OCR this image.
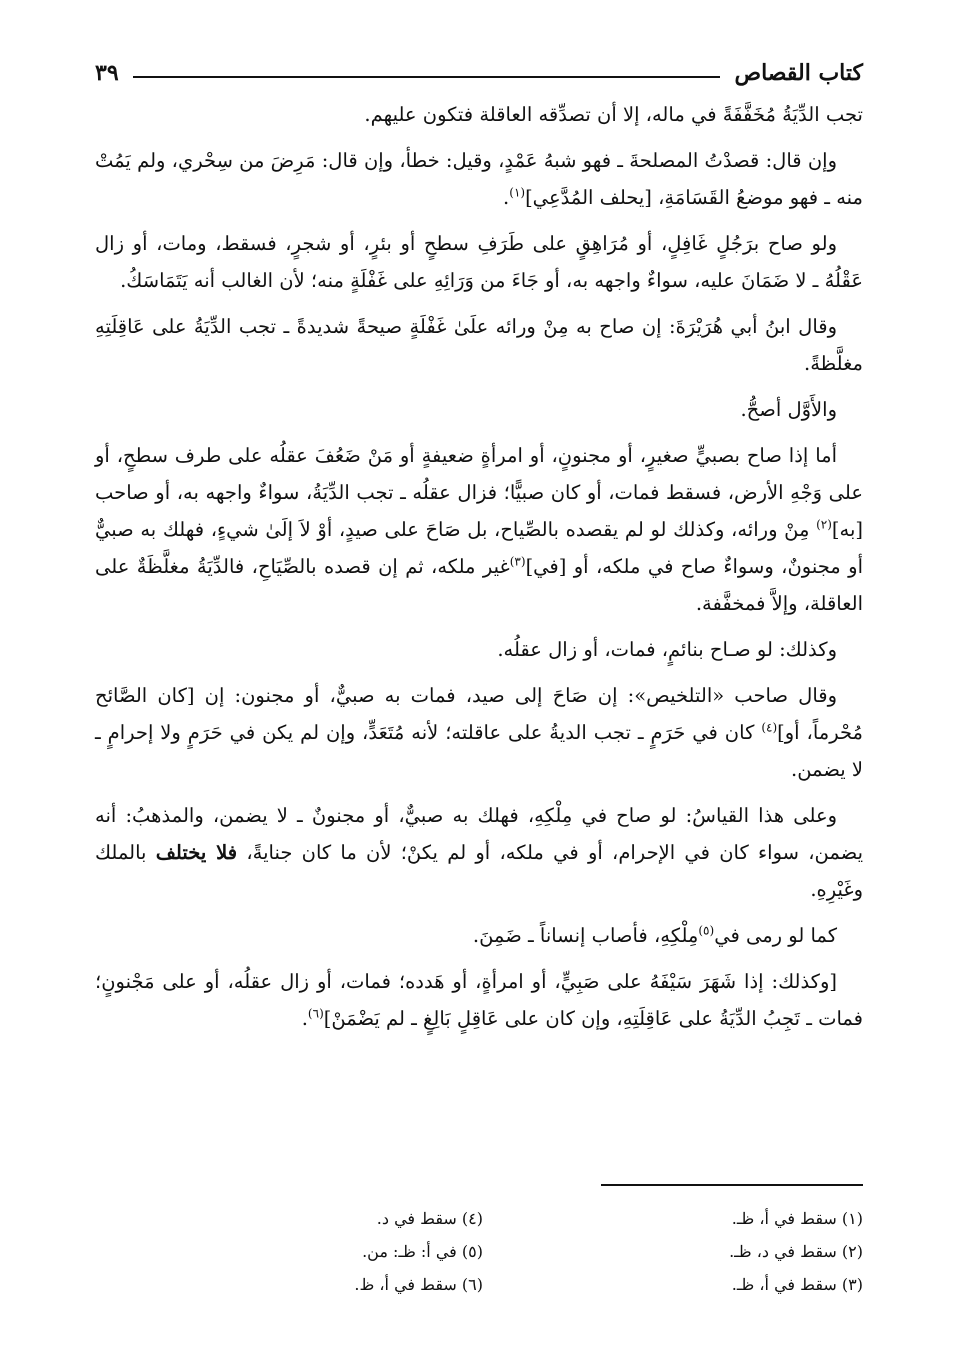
كتاب القصاص
٣٩

تجب الدِّيَةُ مُخَفَّفَةً في ماله، إلا أن تصدِّقه العاقلة فتكون عليهم.

وإن قال: قصدْتُ المصلحةَ ـ فهو شبهُ عَمْدٍ، وقيل: خطأ، وإن قال: مَرِضَ من سِحْري، ولم يَمُتْ منه ـ فهو موضعُ القَسَامَةِ، [يحلف المُدَّعِي]$^{(١)}$.

ولو صاح برَجُلٍ غَافِلٍ، أو مُرَاهِقٍ على طَرَفِ سطحٍ أو بئرٍ، أو شجرٍ، فسقط، ومات، أو زال عَقْلُهُ ـ لا ضَمَانَ عليه، سواءٌ واجهه به، أو جَاءَ من وَرَائِهِ على غَفْلَةٍ منه؛ لأن الغالب أنه يَتَمَاسَكُ.

وقال ابنُ أبي هُرَيْرَةَ: إن صاح به مِنْ ورائه علَىٰ غَفْلَةٍ صيحةً شديدةً ـ تجب الدِّيَةُ على عَاقِلَتِهِ مغلَّظةً.

والأَوَّل أصحُّ.

أما إذا صاح بصبيٍّ صغيرٍ، أو مجنونٍ، أو امرأةٍ ضعيفةٍ أو مَنْ ضَعُفَ عقلُه على طرف سطحٍ، أو على وَجْهِ الأرض، فسقط فمات، أو كان صبيًّا؛ فزال عقلُه ـ تجب الدِّيَةُ، سواءٌ واجهه به، أو صاحب [به]$^{(٢)}$ مِنْ ورائه، وكذلك لو لم يقصده بالصِّياح، بل صَاحَ على صيدٍ، أوْ لاَ إلَىٰ شيءٍ، فهلك به صبيٌّ أو مجنونٌ، وسواءٌ صاح في ملكه، أو [في]$^{(٣)}$غير ملكه، ثم إن قصده بالصِّيَاحِ، فالدِّيَةُ مغلَّظَةٌ على العاقلة، وإلاَّ فمخفَّفة.

وكذلك: لو صـاح بنائمٍ، فمات، أو زال عقلُه.

وقال صاحب «التلخيص»: إن صَاحَ إلى صيد، فمات به صبيٌّ، أو مجنون: إن [كان الصَّائح مُحْرماً، أو]$^{(٤)}$ كان في حَرَمٍ ـ تجب الديةُ على عاقلته؛ لأنه مُتَعَدٍّ، وإن لم يكن في حَرَمٍ ولا إحرامٍ ـ لا يضمن.

وعلى هذا القياسُ: لو صاح في مِلْكِهِ، فهلك به صبيٌّ، أو مجنونٌ ـ لا يضمن، والمذهبُ: أنه يضمن، سواء كان في الإحرام، أو في ملكه، أو لم يكنْ؛ لأن ما كان جنايةً، فلا يختلف بالملك وغَيْرِهِ.

كما لو رمى في$^{(٥)}$مِلْكِهِ، فأصاب إنساناً ـ ضَمِنَ.

[وكذلك: إذا شَهَرَ سَيْفَهُ على صَبِيٍّ، أو امرأةٍ، أو هَدده؛ فمات، أو زال عقلُه، أو على مَجْنونٍ؛ فمات ـ تَجِبُ الدِّيَةُ على عَاقِلَتِهِ، وإن كان على عَاقِلٍ بَالِغٍ ـ لم يَضْمَنْ]$^{(٦)}$.

(١) سقط في أ، ظـ.
(٢) سقط في د، ظـ.
(٣) سقط في أ، ظـ.
(٤) سقط في د.
(٥) في أ: ظـ: من.
(٦) سقط في أ، ظ.
